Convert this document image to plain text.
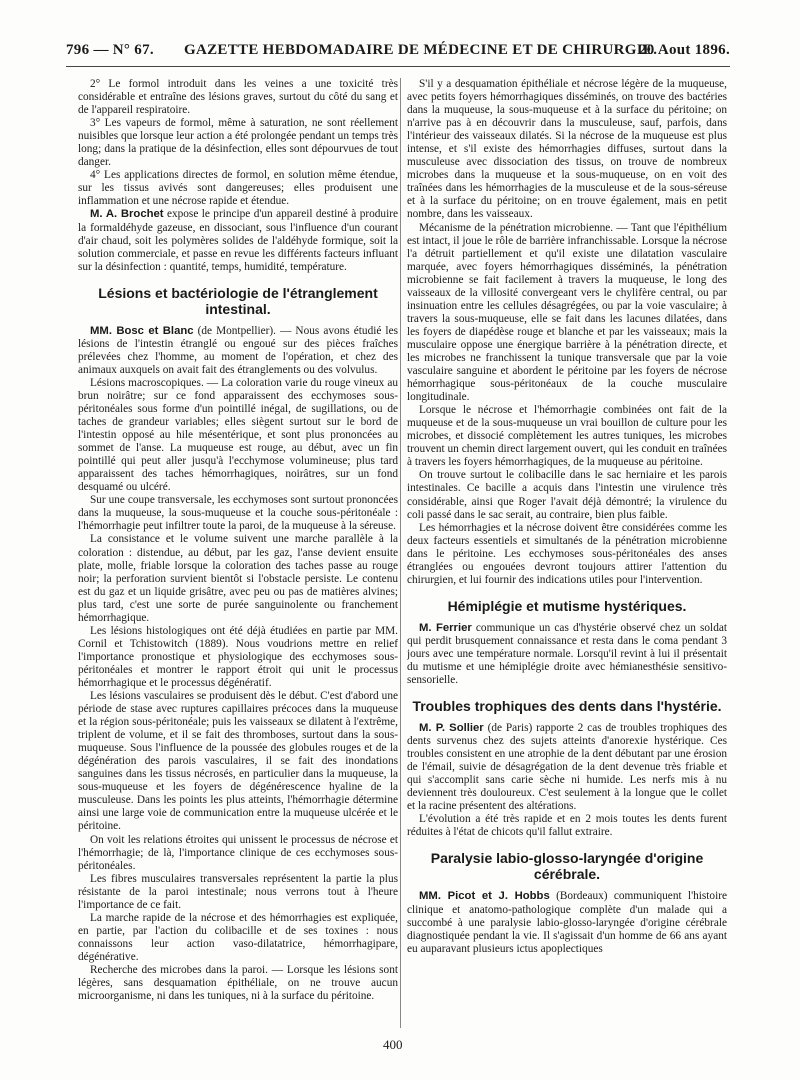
796 — N° 67. GAZETTE HEBDOMADAIRE DE MÉDECINE ET DE CHIRURGIE.
20 Aout 1896.

2° Le formol introduit dans les veines a une toxicité très considérable et entraîne des lésions graves, surtout du côté du sang et de l'appareil respiratoire.

3° Les vapeurs de formol, même à saturation, ne sont réellement nuisibles que lorsque leur action a été prolongée pendant un temps très long; dans la pratique de la désinfection, elles sont dépourvues de tout danger.

4° Les applications directes de formol, en solution même étendue, sur les tissus avivés sont dangereuses; elles produisent une inflammation et une nécrose rapide et étendue.

M. A. Brochet expose le principe d'un appareil destiné à produire la formaldéhyde gazeuse, en dissociant, sous l'influence d'un courant d'air chaud, soit les polymères solides de l'aldéhyde formique, soit la solution commerciale, et passe en revue les différents facteurs influant sur la désinfection : quantité, temps, humidité, température.

Lésions et bactériologie de l'étranglement intestinal.

MM. Bosc et Blanc (de Montpellier). — Nous avons étudié les lésions de l'intestin étranglé ou engoué sur des pièces fraîches prélevées chez l'homme, au moment de l'opération, et chez des animaux auxquels on avait fait des étranglements ou des volvulus.

Lésions macroscopiques. — La coloration varie du rouge vineux au brun noirâtre; sur ce fond apparaissent des ecchymoses sous-péritonéales sous forme d'un pointillé inégal, de sugillations, ou de taches de grandeur variables; elles siègent surtout sur le bord de l'intestin opposé au hile mésentérique, et sont plus prononcées au sommet de l'anse. La muqueuse est rouge, au début, avec un fin pointillé qui peut aller jusqu'à l'ecchymose volumineuse; plus tard apparaissent des taches hémorrhagiques, noirâtres, sur un fond desquamé ou ulcéré.

Sur une coupe transversale, les ecchymoses sont surtout prononcées dans la muqueuse, la sous-muqueuse et la couche sous-péritonéale : l'hémorrhagie peut infiltrer toute la paroi, de la muqueuse à la séreuse.

La consistance et le volume suivent une marche parallèle à la coloration : distendue, au début, par les gaz, l'anse devient ensuite plate, molle, friable lorsque la coloration des taches passe au rouge noir; la perforation survient bientôt si l'obstacle persiste. Le contenu est du gaz et un liquide grisâtre, avec peu ou pas de matières alvines; plus tard, c'est une sorte de purée sanguinolente ou franchement hémorrhagique.

Les lésions histologiques ont été déjà étudiées en partie par MM. Cornil et Tchistowitch (1889). Nous voudrions mettre en relief l'importance pronostique et physiologique des ecchymoses sous-péritonéales et montrer le rapport étroit qui unit le processus hémorrhagique et le processus dégénératif.

Les lésions vasculaires se produisent dès le début. C'est d'abord une période de stase avec ruptures capillaires précoces dans la muqueuse et la région sous-péritonéale; puis les vaisseaux se dilatent à l'extrême, triplent de volume, et il se fait des thromboses, surtout dans la sous-muqueuse. Sous l'influence de la poussée des globules rouges et de la dégénération des parois vasculaires, il se fait des inondations sanguines dans les tissus nécrosés, en particulier dans la muqueuse, la sous-muqueuse et les foyers de dégénérescence hyaline de la musculeuse. Dans les points les plus atteints, l'hémorrhagie détermine ainsi une large voie de communication entre la muqueuse ulcérée et le péritoine.

On voit les relations étroites qui unissent le processus de nécrose et l'hémorrhagie; de là, l'importance clinique de ces ecchymoses sous-péritonéales.

Les fibres musculaires transversales représentent la partie la plus résistante de la paroi intestinale; nous verrons tout à l'heure l'importance de ce fait.

La marche rapide de la nécrose et des hémorrhagies est expliquée, en partie, par l'action du colibacille et de ses toxines : nous connaissons leur action vaso-dilatatrice, hémorrhagipare, dégénérative.

Recherche des microbes dans la paroi. — Lorsque les lésions sont légères, sans desquamation épithéliale, on ne trouve aucun microorganisme, ni dans les tuniques, ni à la surface du péritoine.

S'il y a desquamation épithéliale et nécrose légère de la muqueuse, avec petits foyers hémorrhagiques disséminés, on trouve des bactéries dans la muqueuse, la sous-muqueuse et à la surface du péritoine; on n'arrive pas à en découvrir dans la musculeuse, sauf, parfois, dans l'intérieur des vaisseaux dilatés. Si la nécrose de la muqueuse est plus intense, et s'il existe des hémorrhagies diffuses, surtout dans la musculeuse avec dissociation des tissus, on trouve de nombreux microbes dans la muqueuse et la sous-muqueuse, on en voit des traînées dans les hémorrhagies de la musculeuse et de la sous-séreuse et à la surface du péritoine; on en trouve également, mais en petit nombre, dans les vaisseaux.

Mécanisme de la pénétration microbienne. — Tant que l'épithélium est intact, il joue le rôle de barrière infranchissable. Lorsque la nécrose l'a détruit partiellement et qu'il existe une dilatation vasculaire marquée, avec foyers hémorrhagiques disséminés, la pénétration microbienne se fait facilement à travers la muqueuse, le long des vaisseaux de la villosité convergeant vers le chylifère central, ou par insinuation entre les cellules désagrégées, ou par la voie vasculaire; à travers la sous-muqueuse, elle se fait dans les lacunes dilatées, dans les foyers de diapédèse rouge et blanche et par les vaisseaux; mais la musculaire oppose une énergique barrière à la pénétration directe, et les microbes ne franchissent la tunique transversale que par la voie vasculaire sanguine et abordent le péritoine par les foyers de nécrose hémorrhagique sous-péritonéaux de la couche musculaire longitudinale.

Lorsque le nécrose et l'hémorrhagie combinées ont fait de la muqueuse et de la sous-muqueuse un vrai bouillon de culture pour les microbes, et dissocié complètement les autres tuniques, les microbes trouvent un chemin direct largement ouvert, qui les conduit en traînées à travers les foyers hémorrhagiques, de la muqueuse au péritoine.

On trouve surtout le colibacille dans le sac herniaire et les parois intestinales. Ce bacille a acquis dans l'intestin une virulence très considérable, ainsi que Roger l'avait déjà démontré; la virulence du coli passé dans le sac serait, au contraire, bien plus faible.

Les hémorrhagies et la nécrose doivent être considérées comme les deux facteurs essentiels et simultanés de la pénétration microbienne dans le péritoine. Les ecchymoses sous-péritonéales des anses étranglées ou engouées devront toujours attirer l'attention du chirurgien, et lui fournir des indications utiles pour l'intervention.

Hémiplégie et mutisme hystériques.

M. Ferrier communique un cas d'hystérie observé chez un soldat qui perdit brusquement connaissance et resta dans le coma pendant 3 jours avec une température normale. Lorsqu'il revint à lui il présentait du mutisme et une hémiplégie droite avec hémianesthésie sensitivo-sensorielle.

Troubles trophiques des dents dans l'hystérie.

M. P. Sollier (de Paris) rapporte 2 cas de troubles trophiques des dents survenus chez des sujets atteints d'anorexie hystérique. Ces troubles consistent en une atrophie de la dent débutant par une érosion de l'émail, suivie de désagrégation de la dent devenue très friable et qui s'accomplit sans carie sèche ni humide. Les nerfs mis à nu deviennent très douloureux. C'est seulement à la longue que le collet et la racine présentent des altérations.

L'évolution a été très rapide et en 2 mois toutes les dents furent réduites à l'état de chicots qu'il fallut extraire.

Paralysie labio-glosso-laryngée d'origine cérébrale.

MM. Picot et J. Hobbs (Bordeaux) communiquent l'histoire clinique et anatomo-pathologique complète d'un malade qui a succombé à une paralysie labio-glosso-laryngée d'origine cérébrale diagnostiquée pendant la vie. Il s'agissait d'un homme de 66 ans ayant eu auparavant plusieurs ictus apoplectiques

400
